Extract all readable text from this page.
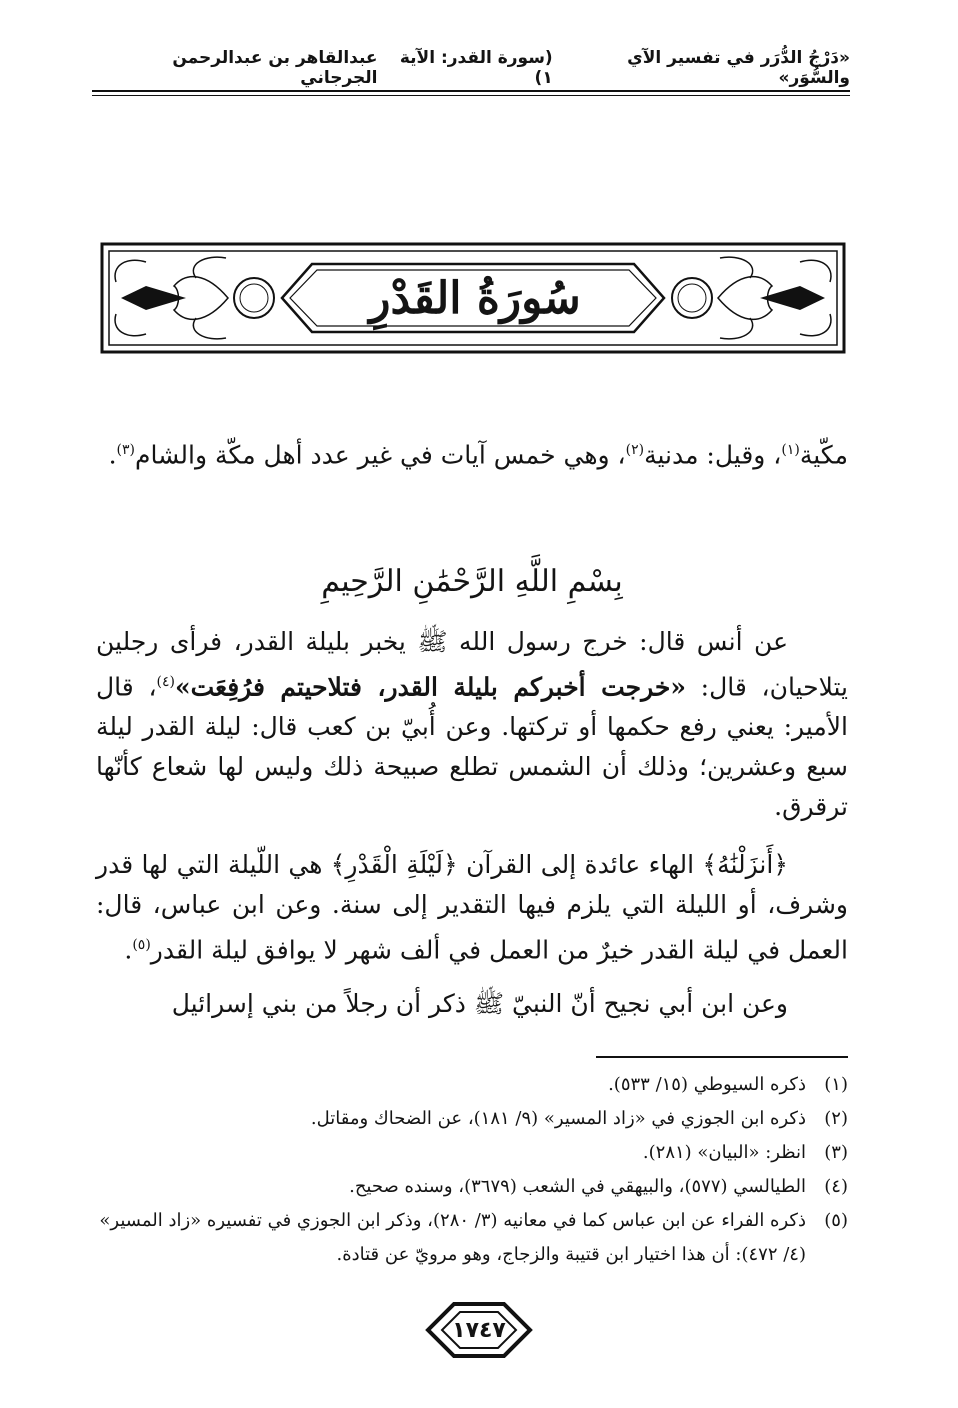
«دَرْجُ الدُّرَر في تفسير الآي والسُّوَر»
(سورة القدر: الآية ١)
عبدالقاهر بن عبدالرحمن الجرجاني
سُورَةُ القَدْرِ

مكّية$^{(١)}$، وقيل: مدنية$^{(٢)}$، وهي خمس آيات في غير عدد أهل مكّة والشام$^{(٣)}$.

بِسْمِ اللَّهِ الرَّحْمَٰنِ الرَّحِيمِ

عن أنس قال: خرج رسول الله ﷺ يخبر بليلة القدر، فرأى رجلين يتلاحيان، قال: «خرجت أخبركم بليلة القدر، فتلاحيتم فرُفِعَت»$^{(٤)}$، قال الأمير: يعني رفع حكمها أو تركتها. وعن أُبيّ بن كعب قال: ليلة القدر ليلة سبع وعشرين؛ وذلك أن الشمس تطلع صبيحة ذلك وليس لها شعاع كأنّها ترقرق.

﴿أَنزَلْنَٰهُ﴾ الهاء عائدة إلى القرآن ﴿لَيْلَةِ الْقَدْرِ﴾ هي اللّيلة التي لها قدر وشرف، أو الليلة التي يلزم فيها التقدير إلى سنة. وعن ابن عباس، قال: العمل في ليلة القدر خيرٌ من العمل في ألف شهر لا يوافق ليلة القدر$^{(٥)}$.

وعن ابن أبي نجيح أنّ النبيّ ﷺ ذكر أن رجلاً من بني إسرائيل

(١)
ذكره السيوطي (١٥/ ٥٣٣).
(٢)
ذكره ابن الجوزي في «زاد المسير» (٩/ ١٨١)، عن الضحاك ومقاتل.
(٣)
انظر: «البيان» (٢٨١).
(٤)
الطيالسي (٥٧٧)، والبيهقي في الشعب (٣٦٧٩)، وسنده صحيح.
(٥)
ذكره الفراء عن ابن عباس كما في معانيه (٣/ ٢٨٠)، وذكر ابن الجوزي في تفسيره «زاد المسير» (٤/ ٤٧٢): أن هذا اختيار ابن قتيبة والزجاج، وهو مرويّ عن قتادة.
١٧٤٧
